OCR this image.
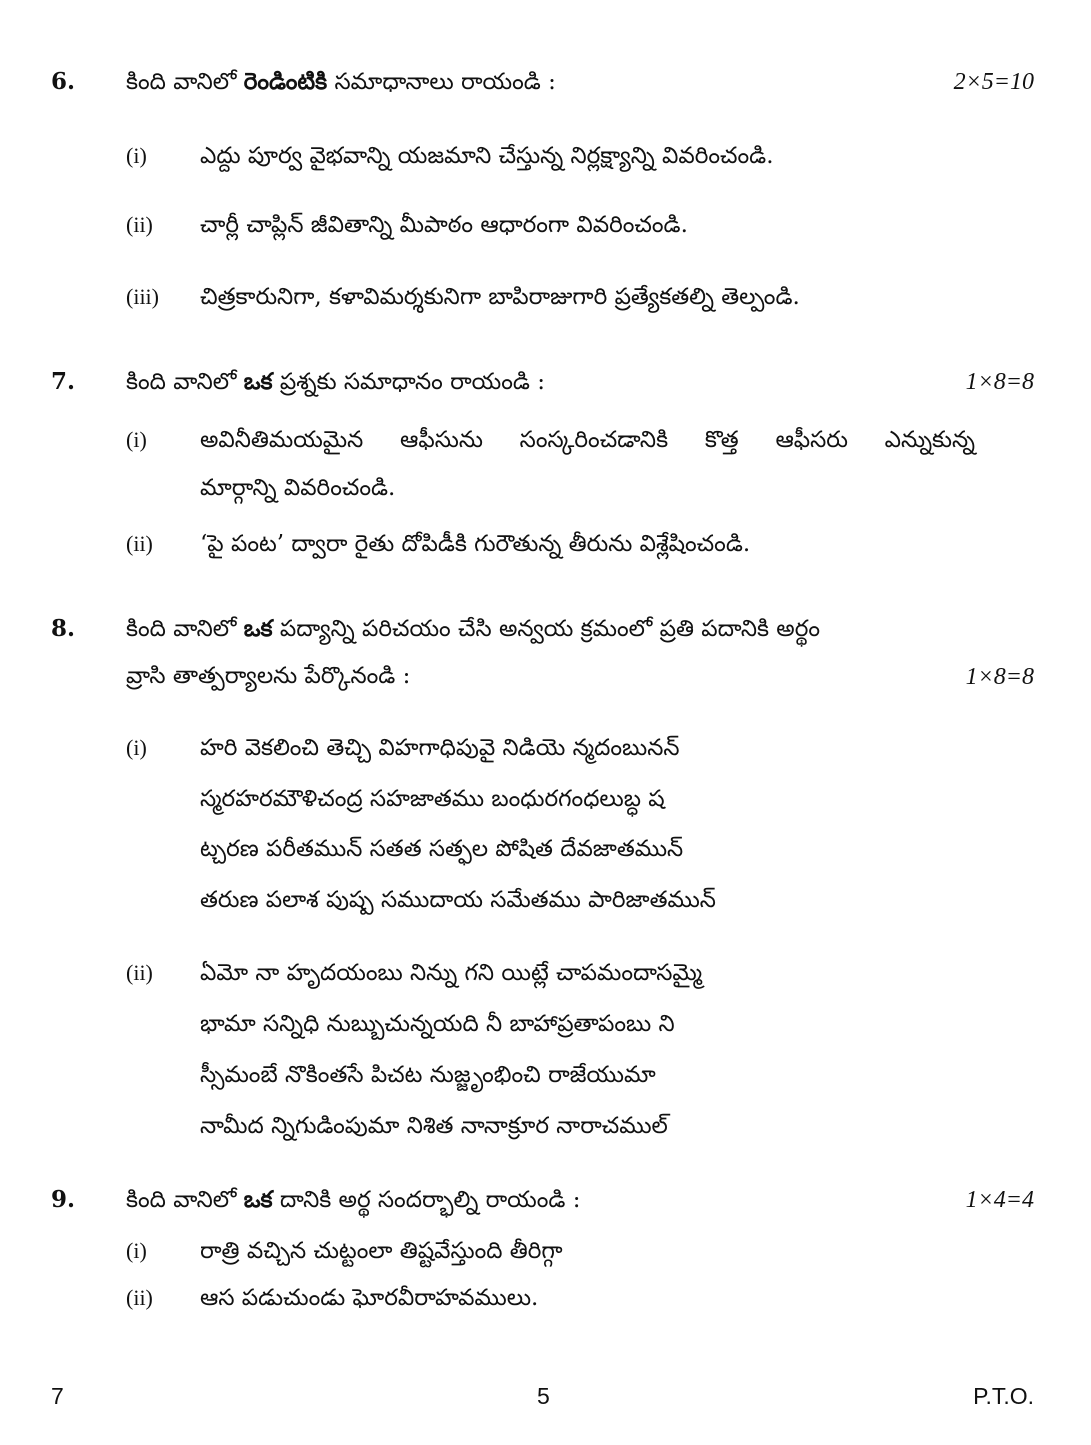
6. కింది వానిలో రెండింటికి సమాధానాలు రాయండి :	2×5=10
(i) ఎద్దు పూర్వ వైభవాన్ని యజమాని చేస్తున్న నిర్లక్ష్యాన్ని వివరించండి.
(ii) చార్లీ చాప్లిన్ జీవితాన్ని మీపాఠం ఆధారంగా వివరించండి.
(iii) చిత్రకారునిగా, కళావిమర్శకునిగా బాపిరాజుగారి ప్రత్యేకతల్ని తెల్పండి.
7. కింది వానిలో ఒక ప్రశ్నకు సమాధానం రాయండి :	1×8=8
(i) అవినీతిమయమైన ఆఫీసును సంస్కరించడానికి కొత్త ఆఫీసరు ఎన్నుకున్న
మార్గాన్ని వివరించండి.
(ii) ‘పై పంట’ ద్వారా రైతు దోపిడీకి గురౌతున్న తీరును విశ్లేషించండి.
8. కింది వానిలో ఒక పద్యాన్ని పరిచయం చేసి అన్వయ క్రమంలో ప్రతి పదానికి అర్థం
వ్రాసి తాత్పర్యాలను పేర్కొనండి :	1×8=8
(i) హరి వెకలించి తెచ్చి విహగాధిపువై నిడియె న్మదంబునన్
స్మరహరమౌళిచంద్ర సహజాతము బంధురగంధలుబ్ధ ష
ట్చరణ పరీతమున్ సతత సత్ఫల పోషిత దేవజాతమున్
తరుణ పలాశ పుష్ప సముదాయ సమేతము పారిజాతమున్
(ii) ఏమో నా హృదయంబు నిన్ను గని యిట్లే చాపమందాసమ్మై
భామా సన్నిధి నుబ్బుచున్నయది నీ బాహాప్రతాపంబు ని
స్సీమంబే నొకింతసే పిచట నుజ్జృంభించి రాజేయుమా
నామీద న్నిగుడింపుమా నిశిత నానాక్రూర నారాచముల్
9. కింది వానిలో ఒక దానికి అర్థ సందర్భాల్ని రాయండి :	1×4=4
(i) రాత్రి వచ్చిన చుట్టంలా తిష్టవేస్తుంది తీరిగ్గా
(ii) ఆస పడుచుండు ఘోరవీరాహవములు.
7	5	P.T.O.
